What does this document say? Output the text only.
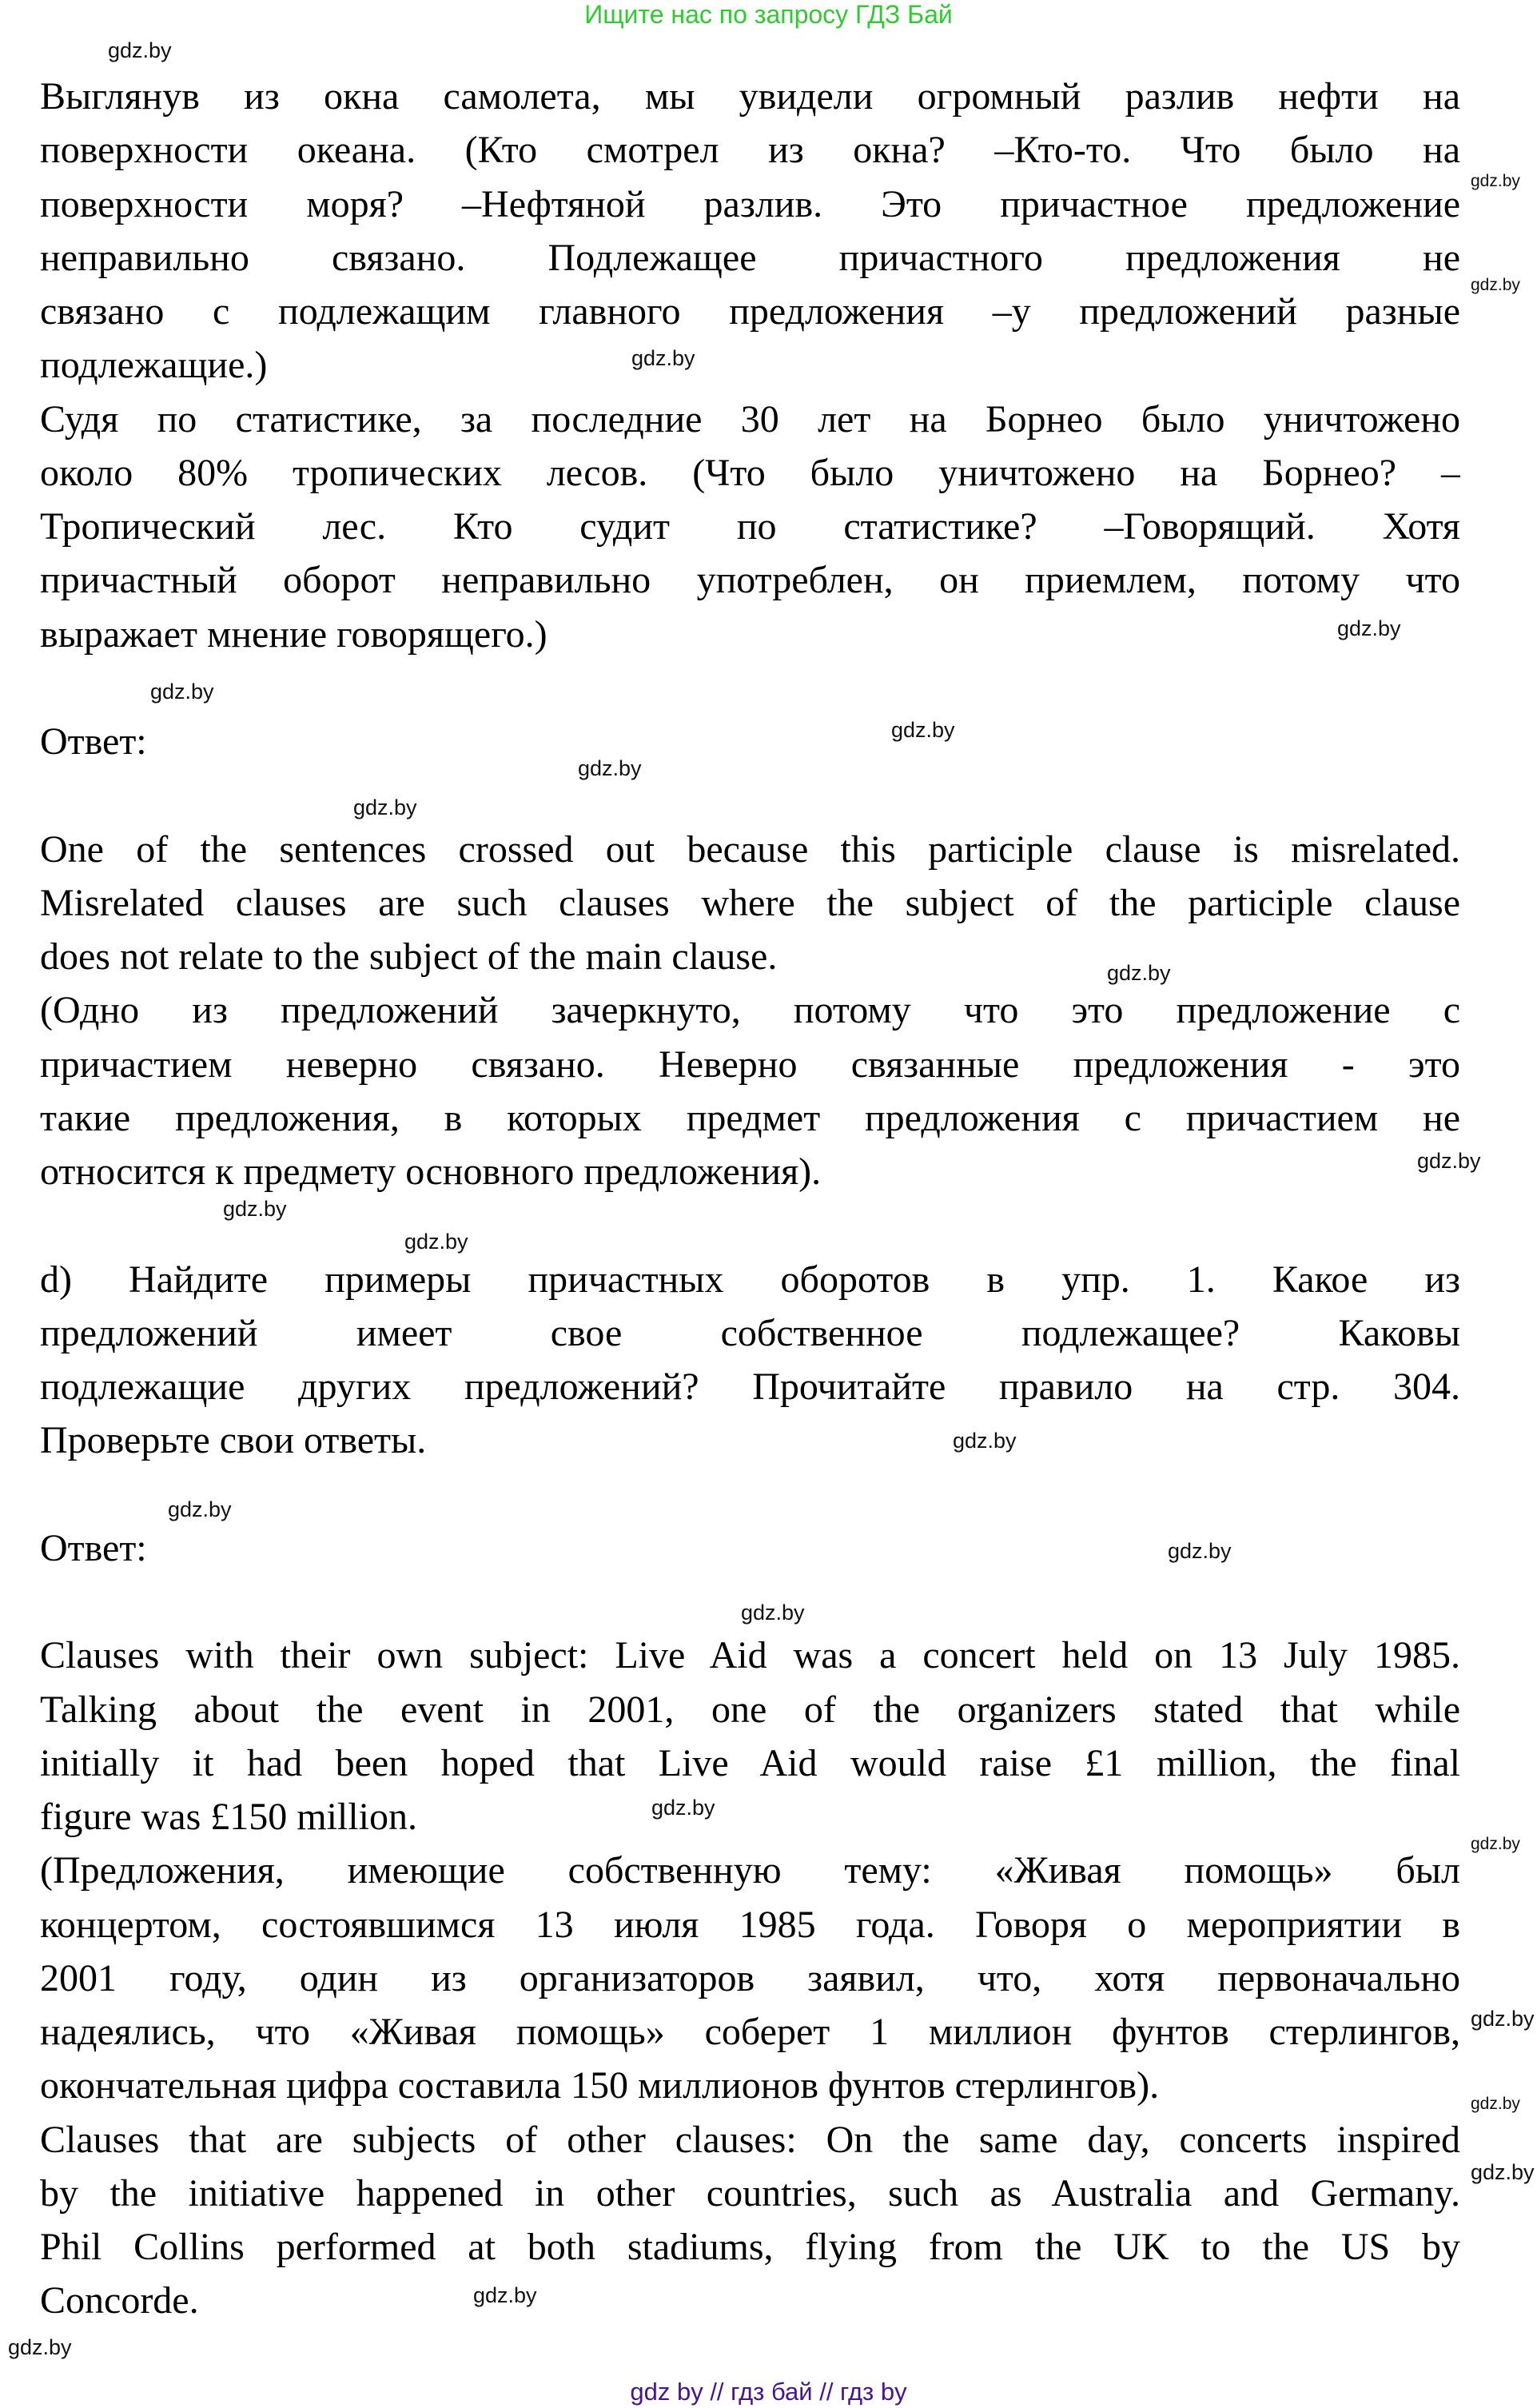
Ищите нас по запросу ГДЗ Бай
Выглянув из окна самолета, мы увидели огромный разлив нефти на
поверхности океана. (Кто смотрел из окна? –Кто-то. Что было на
поверхности моря? –Нефтяной разлив. Это причастное предложение
неправильно связано. Подлежащее причастного предложения не
связано с подлежащим главного предложения –у предложений разные
подлежащие.)
Судя по статистике, за последние 30 лет на Борнео было уничтожено
около 80% тропических лесов. (Что было уничтожено на Борнео? –
Тропический лес. Кто судит по статистике? –Говорящий. Хотя
причастный оборот неправильно употреблен, он приемлем, потому что
выражает мнение говорящего.)
Ответ:
One of the sentences crossed out because this participle clause is misrelated.
Misrelated clauses are such clauses where the subject of the participle clause
does not relate to the subject of the main clause.
(Одно из предложений зачеркнуто, потому что это предложение с
причастием неверно связано. Неверно связанные предложения - это
такие предложения, в которых предмет предложения с причастием не
относится к предмету основного предложения).
d) Найдите примеры причастных оборотов в упр. 1. Какое из
предложений имеет свое собственное подлежащее? Каковы
подлежащие других предложений? Прочитайте правило на стр. 304.
Проверьте свои ответы.
Ответ:
Clauses with their own subject: Live Aid was a concert held on 13 July 1985.
Talking about the event in 2001, one of the organizers stated that while
initially it had been hoped that Live Aid would raise £1 million, the final
figure was £150 million.
(Предложения, имеющие собственную тему: «Живая помощь» был
концертом, состоявшимся 13 июля 1985 года. Говоря о мероприятии в
2001 году, один из организаторов заявил, что, хотя первоначально
надеялись, что «Живая помощь» соберет 1 миллион фунтов стерлингов,
окончательная цифра составила 150 миллионов фунтов стерлингов).
Clauses that are subjects of other clauses: On the same day, concerts inspired
by the initiative happened in other countries, such as Australia and Germany.
Phil Collins performed at both stadiums, flying from the UK to the US by
Concorde.
gdz.by
gdz.by
gdz.by
gdz.by
gdz.by
gdz.by
gdz.by
gdz.by
gdz.by
gdz.by
gdz.by
gdz.by
gdz.by
gdz.by
gdz.by
gdz.by
gdz.by
gdz.by
gdz.by
gdz.by
gdz.by
gdz.by
gdz.by
gdz.by
gdz by // гдз бай // гдз by
